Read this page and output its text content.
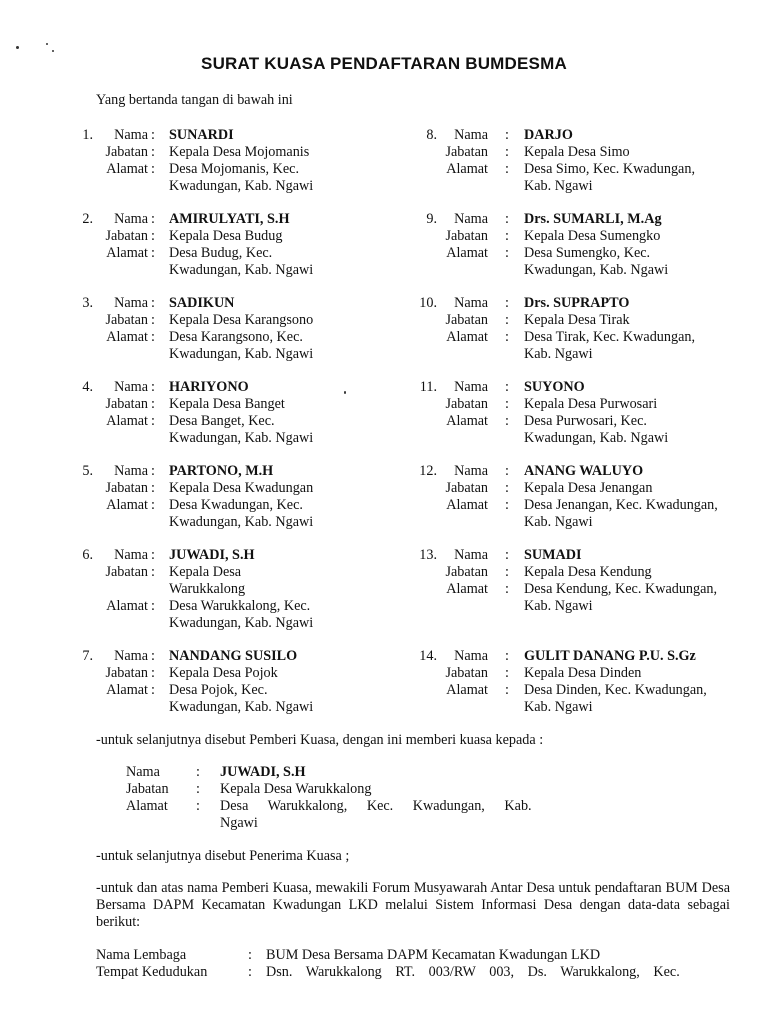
SURAT KUASA PENDAFTARAN BUMDESMA
Yang bertanda tangan di bawah ini
1.	Nama : SUNARDI
Jabatan : Kepala Desa Mojomanis
Alamat : Desa Mojomanis, Kec.
Kwadungan, Kab. Ngawi
2.	Nama : AMIRULYATI, S.H
Jabatan : Kepala Desa Budug
Alamat : Desa Budug, Kec.
Kwadungan, Kab. Ngawi
3.	Nama : SADIKUN
Jabatan : Kepala Desa Karangsono
Alamat : Desa Karangsono, Kec.
Kwadungan, Kab. Ngawi
4.	Nama : HARIYONO
Jabatan : Kepala Desa Banget
Alamat : Desa Banget, Kec.
Kwadungan, Kab. Ngawi
5.	Nama : PARTONO, M.H
Jabatan : Kepala Desa Kwadungan
Alamat : Desa Kwadungan, Kec.
Kwadungan, Kab. Ngawi
6.	Nama : JUWADI, S.H
Jabatan : Kepala Desa
Warukkalong
Alamat : Desa Warukkalong, Kec.
Kwadungan, Kab. Ngawi
7.	Nama : NANDANG SUSILO
Jabatan : Kepala Desa Pojok
Alamat : Desa Pojok, Kec.
Kwadungan, Kab. Ngawi
8.	Nama : DARJO
Jabatan : Kepala Desa Simo
Alamat : Desa Simo, Kec. Kwadungan,
Kab. Ngawi
9.	Nama : Drs. SUMARLI, M.Ag
Jabatan : Kepala Desa Sumengko
Alamat : Desa Sumengko, Kec.
Kwadungan, Kab. Ngawi
10.	Nama : Drs. SUPRAPTO
Jabatan : Kepala Desa Tirak
Alamat : Desa Tirak, Kec. Kwadungan,
Kab. Ngawi
11.	Nama : SUYONO
Jabatan : Kepala Desa Purwosari
Alamat : Desa Purwosari, Kec.
Kwadungan, Kab. Ngawi
12.	Nama : ANANG WALUYO
Jabatan : Kepala Desa Jenangan
Alamat : Desa Jenangan, Kec. Kwadungan,
Kab. Ngawi
13.	Nama : SUMADI
Jabatan : Kepala Desa Kendung
Alamat : Desa Kendung, Kec. Kwadungan,
Kab. Ngawi
14.	Nama : GULIT DANANG P.U. S.Gz
Jabatan : Kepala Desa Dinden
Alamat : Desa Dinden, Kec. Kwadungan,
Kab. Ngawi
-untuk selanjutnya disebut Pemberi Kuasa, dengan ini memberi kuasa kepada :
Nama	: JUWADI, S.H
Jabatan : Kepala Desa Warukkalong
Alamat : Desa Warukkalong, Kec. Kwadungan, Kab.
Ngawi
-untuk selanjutnya disebut Penerima Kuasa ;
-untuk dan atas nama Pemberi Kuasa, mewakili Forum Musyawarah Antar Desa untuk pendaftaran BUM Desa Bersama DAPM Kecamatan Kwadungan LKD melalui Sistem Informasi Desa dengan data-data sebagai berikut:
Nama Lembaga	: BUM Desa Bersama DAPM Kecamatan Kwadungan LKD
Tempat Kedudukan	: Dsn. Warukkalong RT. 003/RW 003, Ds. Warukkalong, Kec.
